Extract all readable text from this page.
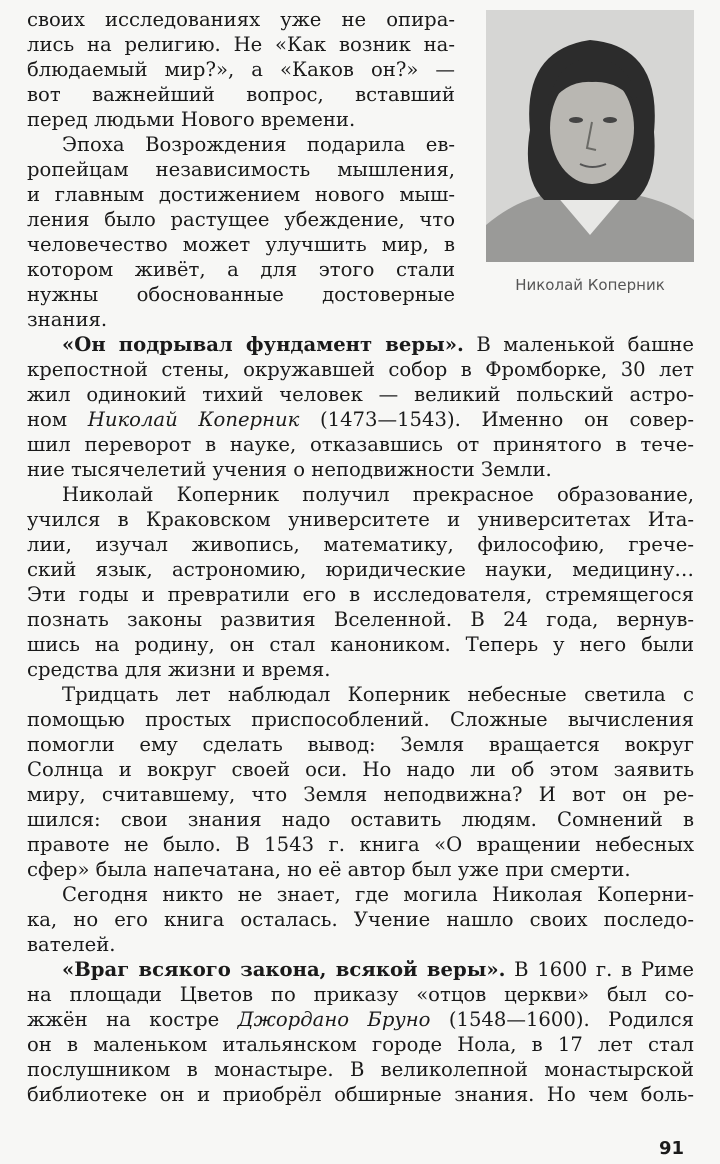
своих исследованиях уже не опира-
лись на религию. Не «Как возник на-
блюдаемый мир?», а «Каков он?» —
вот важнейший вопрос, вставший
перед людьми Нового времени.
Эпоха Возрождения подарила ев-
ропейцам независимость мышления,
и главным достижением нового мыш-
ления было растущее убеждение, что
человечество может улучшить мир, в
котором живёт, а для этого стали
нужны обоснованные достоверные
знания.
Николай Коперник
«Он подрывал фундамент веры». В маленькой башне
крепостной стены, окружавшей собор в Фромборке, 30 лет
жил одинокий тихий человек — великий польский астро-
ном Николай Коперник (1473—1543). Именно он совер-
шил переворот в науке, отказавшись от принятого в тече-
ние тысячелетий учения о неподвижности Земли.
Николай Коперник получил прекрасное образование,
учился в Краковском университете и университетах Ита-
лии, изучал живопись, математику, философию, грече-
ский язык, астрономию, юридические науки, медицину…
Эти годы и превратили его в исследователя, стремящегося
познать законы развития Вселенной. В 24 года, вернув-
шись на родину, он стал каноником. Теперь у него были
средства для жизни и время.
Тридцать лет наблюдал Коперник небесные светила с
помощью простых приспособлений. Сложные вычисления
помогли ему сделать вывод: Земля вращается вокруг
Солнца и вокруг своей оси. Но надо ли об этом заявить
миру, считавшему, что Земля неподвижна? И вот он ре-
шился: свои знания надо оставить людям. Сомнений в
правоте не было. В 1543 г. книга «О вращении небесных
сфер» была напечатана, но её автор был уже при смерти.
Сегодня никто не знает, где могила Николая Коперни-
ка, но его книга осталась. Учение нашло своих последо-
вателей.
«Враг всякого закона, всякой веры». В 1600 г. в Риме
на площади Цветов по приказу «отцов церкви» был со-
жжён на костре Джордано Бруно (1548—1600). Родился
он в маленьком итальянском городе Нола, в 17 лет стал
послушником в монастыре. В великолепной монастырской
библиотеке он и приобрёл обширные знания. Но чем боль-
91
